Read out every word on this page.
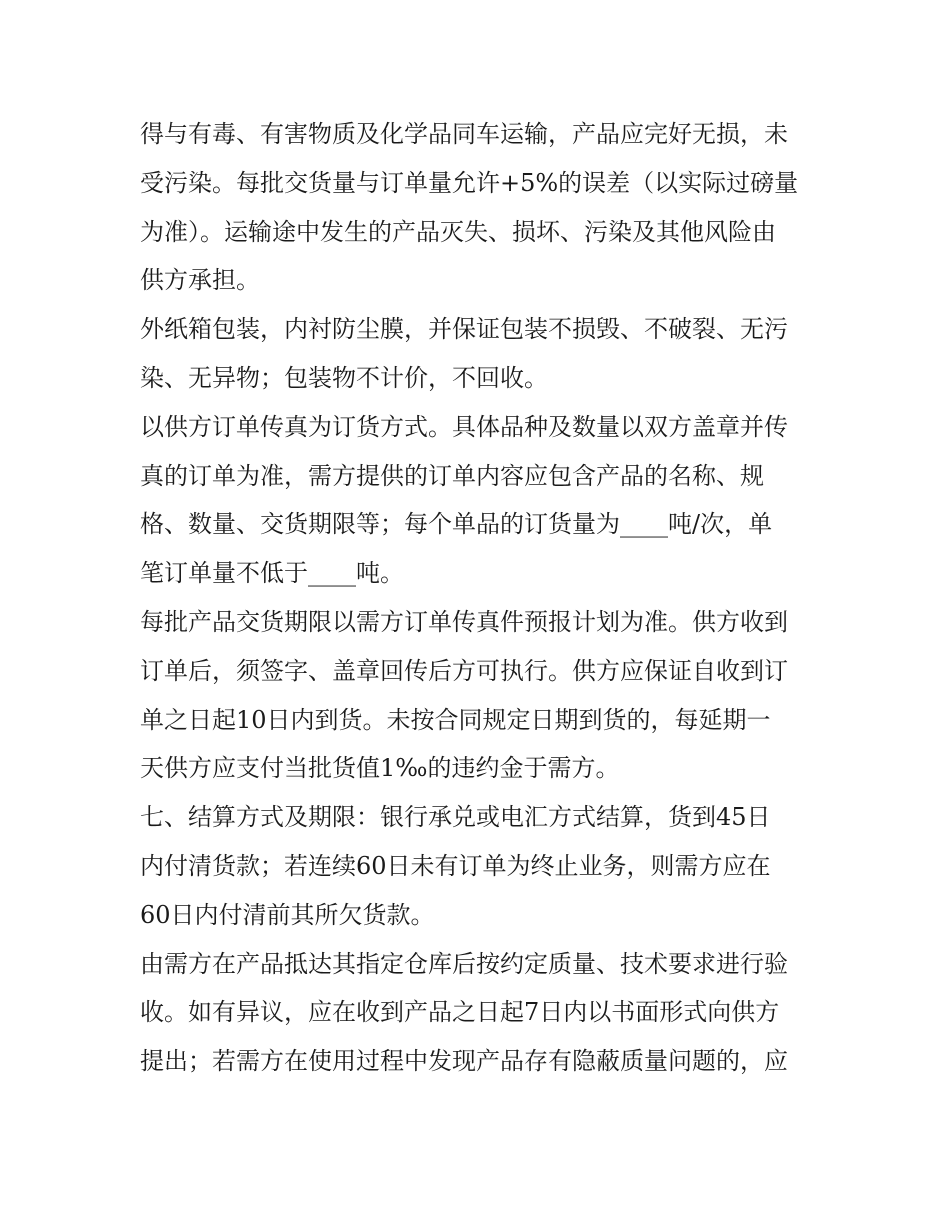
得与有毒、有害物质及化学品同车运输，产品应完好无损，未
受污染。每批交货量与订单量允许+5%的误差（以实际过磅量
为准）。运输途中发生的产品灭失、损坏、污染及其他风险由
供方承担。
外纸箱包装，内衬防尘膜，并保证包装不损毁、不破裂、无污
染、无异物；包装物不计价，不回收。
以供方订单传真为订货方式。具体品种及数量以双方盖章并传
真的订单为准，需方提供的订单内容应包含产品的名称、规
格、数量、交货期限等；每个单品的订货量为____吨/次，单
笔订单量不低于____吨。
每批产品交货期限以需方订单传真件预报计划为准。供方收到
订单后，须签字、盖章回传后方可执行。供方应保证自收到订
单之日起10日内到货。未按合同规定日期到货的，每延期一
天供方应支付当批货值1‰的违约金于需方。
七、结算方式及期限：银行承兑或电汇方式结算，货到45日
内付清货款；若连续60日未有订单为终止业务，则需方应在
60日内付清前其所欠货款。
由需方在产品抵达其指定仓库后按约定质量、技术要求进行验
收。如有异议，应在收到产品之日起7日内以书面形式向供方
提出；若需方在使用过程中发现产品存有隐蔽质量问题的，应
